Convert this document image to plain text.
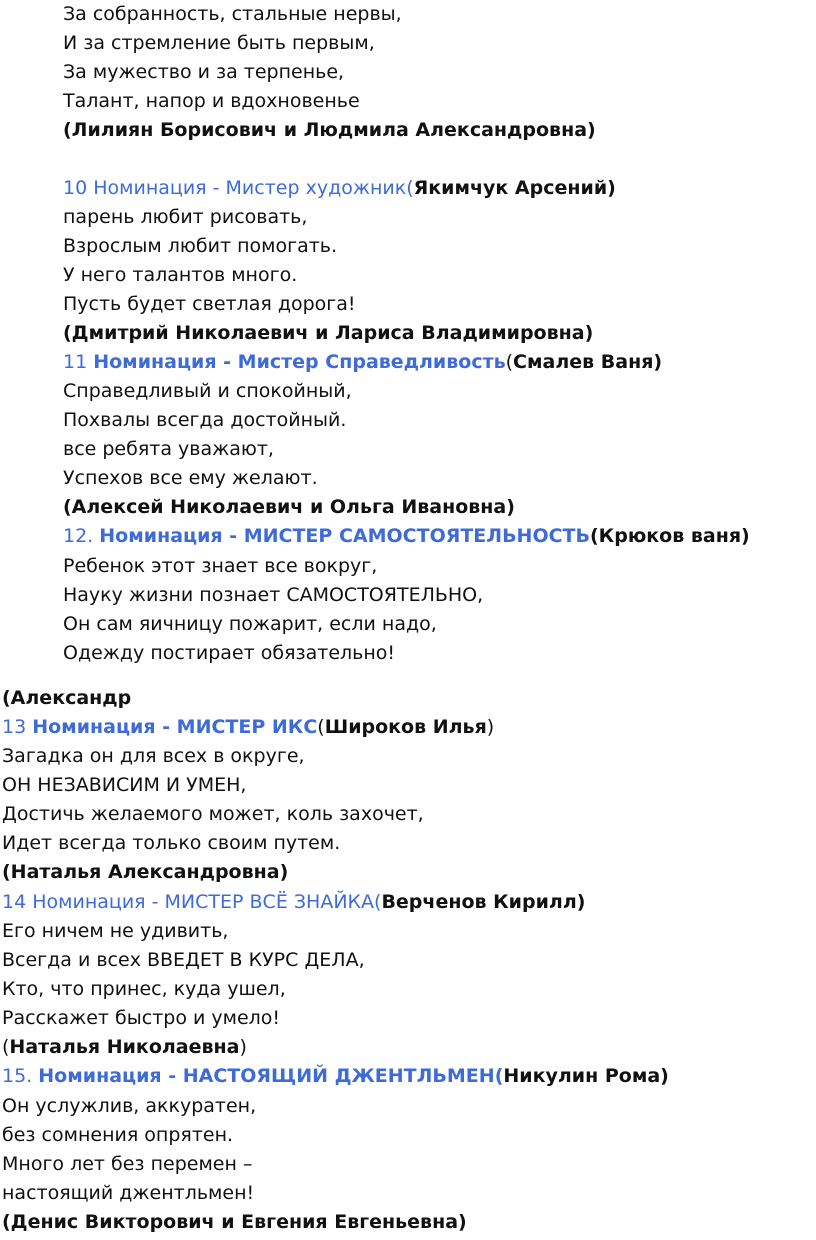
За собранность, стальные нервы,
И за стремление быть первым,
За мужество и за терпенье,
Талант, напор и вдохновенье
(Лилиян Борисович и Людмила Александровна)
10 Номинация - Мистер художник(Якимчук Арсений)
парень любит рисовать,
Взрослым любит помогать.
У него талантов много.
Пусть будет светлая дорога!
(Дмитрий Николаевич и Лариса Владимировна)
11 Номинация - Мистер Справедливость(Смалев Ваня)
Справедливый и спокойный,
Похвалы всегда достойный.
все ребята уважают,
Успехов все ему желают.
(Алексей Николаевич и Ольга Ивановна)
12. Номинация - МИСТЕР САМОСТОЯТЕЛЬНОСТЬ(Крюков ваня)
Ребенок этот знает все вокруг,
Науку жизни познает САМОСТОЯТЕЛЬНО,
Он сам яичницу пожарит, если надо,
Одежду постирает обязательно!
(Александр
13 Номинация - МИСТЕР ИКС(Широков Илья)
Загадка он для всех в округе,
ОН НЕЗАВИСИМ И УМЕН,
Достичь желаемого может, коль захочет,
Идет всегда только своим путем.
(Наталья Александровна)
14 Номинация - МИСТЕР ВСЁ ЗНАЙКА(Верченов Кирилл)
Его ничем не удивить,
Всегда и всех ВВЕДЕТ В КУРС ДЕЛА,
Кто, что принес, куда ушел,
Расскажет быстро и умело!
(Наталья Николаевна)
15. Номинация - НАСТОЯЩИЙ ДЖЕНТЛЬМЕН(Никулин Рома)
Он услужлив, аккуратен,
без сомнения опрятен.
Много лет без перемен –
настоящий джентльмен!
(Денис Викторович и Евгения Евгеньевна)
